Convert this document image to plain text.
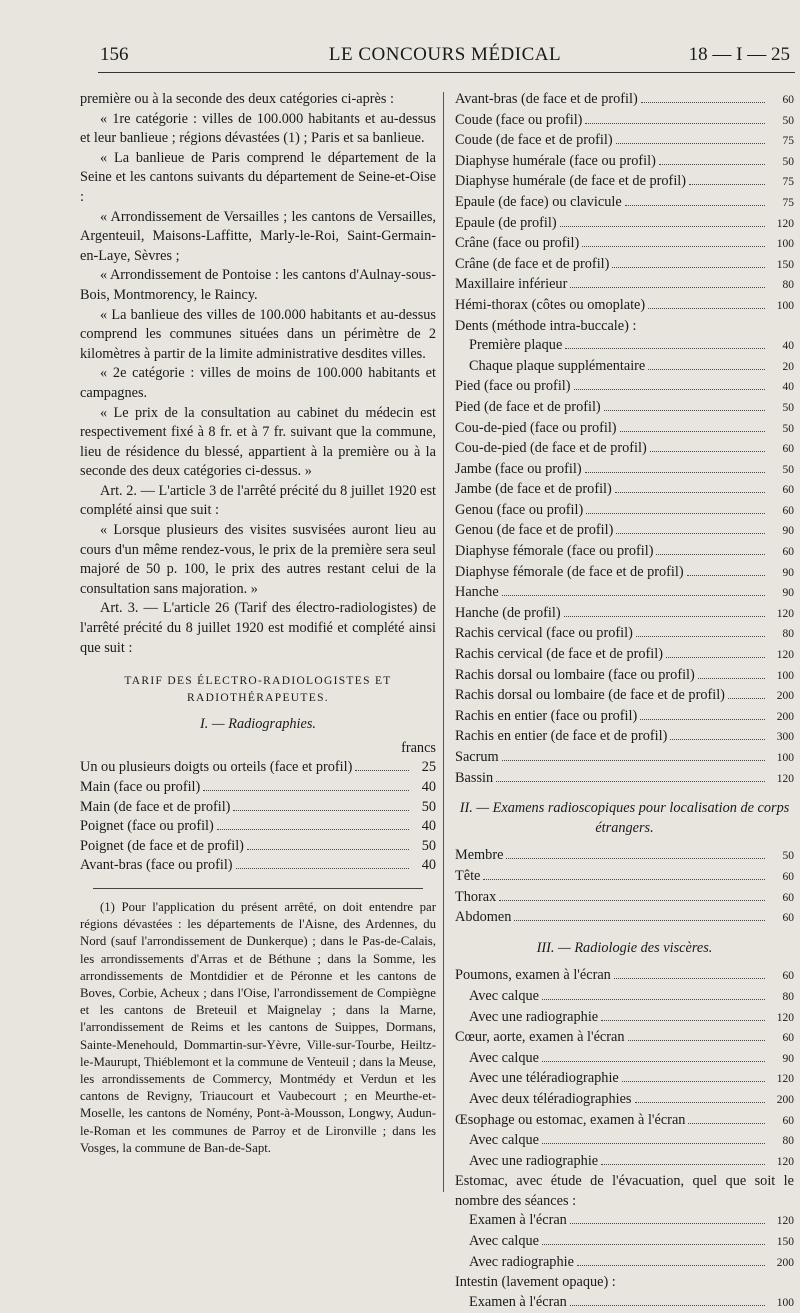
156	LE CONCOURS MÉDICAL	18 — I — 25

première ou à la seconde des deux catégories ci-après :

« 1re catégorie : villes de 100.000 habitants et au-dessus et leur banlieue ; régions dévastées (1) ; Paris et sa banlieue.

« La banlieue de Paris comprend le département de la Seine et les cantons suivants du département de Seine-et-Oise :

« Arrondissement de Versailles ; les cantons de Versailles, Argenteuil, Maisons-Laffitte, Marly-le-Roi, Saint-Germain-en-Laye, Sèvres ;

« Arrondissement de Pontoise : les cantons d'Aulnay-sous-Bois, Montmorency, le Raincy.

« La banlieue des villes de 100.000 habitants et au-dessus comprend les communes situées dans un périmètre de 2 kilomètres à partir de la limite administrative desdites villes.

« 2e catégorie : villes de moins de 100.000 habitants et campagnes.

« Le prix de la consultation au cabinet du médecin est respectivement fixé à 8 fr. et à 7 fr. suivant que la commune, lieu de résidence du blessé, appartient à la première ou à la seconde des deux catégories ci-dessus. »

Art. 2. — L'article 3 de l'arrêté précité du 8 juillet 1920 est complété ainsi que suit :

« Lorsque plusieurs des visites susvisées auront lieu au cours d'un même rendez-vous, le prix de la première sera seul majoré de 50 p. 100, le prix des autres restant celui de la consultation sans majoration. »

Art. 3. — L'article 26 (Tarif des électro-radiologistes) de l'arrêté précité du 8 juillet 1920 est modifié et complété ainsi que suit :

TARIF DES ÉLECTRO-RADIOLOGISTES ET RADIOTHÉRAPEUTES.
I. — Radiographies.
francs
Un ou plusieurs doigts ou orteils (face et profil)	25
Main (face ou profil)	40
Main (de face et de profil)	50
Poignet (face ou profil)	40
Poignet (de face et de profil)	50
Avant-bras (face ou profil)	40

(1) Pour l'application du présent arrêté, on doit entendre par régions dévastées : les départements de l'Aisne, des Ardennes, du Nord (sauf l'arrondissement de Dunkerque) ; dans le Pas-de-Calais, les arrondissements d'Arras et de Béthune ; dans la Somme, les arrondissements de Montdidier et de Péronne et les cantons de Boves, Corbie, Acheux ; dans l'Oise, l'arrondissement de Compiègne et les cantons de Breteuil et Maignelay ; dans la Marne, l'arrondissement de Reims et les cantons de Suippes, Dormans, Sainte-Menehould, Dommartin-sur-Yèvre, Ville-sur-Tourbe, Heiltz-le-Maurupt, Thiéblemont et la commune de Venteuil ; dans la Meuse, les arrondissements de Commercy, Montmédy et Verdun et les cantons de Revigny, Triaucourt et Vaubecourt ; en Meurthe-et-Moselle, les cantons de Nomény, Pont-à-Mousson, Longwy, Audun-le-Roman et les communes de Parroy et de Lironville ; dans les Vosges, la commune de Ban-de-Sapt.

Avant-bras (de face et de profil)	60
Coude (face ou profil)	50
Coude (de face et de profil)	75
Diaphyse humérale (face ou profil)	50
Diaphyse humérale (de face et de profil)	75
Epaule (de face) ou clavicule	75
Epaule (de profil)	120
Crâne (face ou profil)	100
Crâne (de face et de profil)	150
Maxillaire inférieur	80
Hémi-thorax (côtes ou omoplate)	100
Dents (méthode intra-buccale) :
Première plaque	40
Chaque plaque supplémentaire	20
Pied (face ou profil)	40
Pied (de face et de profil)	50
Cou-de-pied (face ou profil)	50
Cou-de-pied (de face et de profil)	60
Jambe (face ou profil)	50
Jambe (de face et de profil)	60
Genou (face ou profil)	60
Genou (de face et de profil)	90
Diaphyse fémorale (face ou profil)	60
Diaphyse fémorale (de face et de profil)	90
Hanche	90
Hanche (de profil)	120
Rachis cervical (face ou profil)	80
Rachis cervical (de face et de profil)	120
Rachis dorsal ou lombaire (face ou profil)	100
Rachis dorsal ou lombaire (de face et de profil)	200
Rachis en entier (face ou profil)	200
Rachis en entier (de face et de profil)	300
Sacrum	100
Bassin	120
II. — Examens radioscopiques pour localisation de corps étrangers.
Membre	50
Tête	60
Thorax	60
Abdomen	60
III. — Radiologie des viscères.
Poumons, examen à l'écran	60
Avec calque	80
Avec une radiographie	120
Cœur, aorte, examen à l'écran	60
Avec calque	90
Avec une téléradiographie	120
Avec deux téléradiographies	200
Œsophage ou estomac, examen à l'écran	60
Avec calque	80
Avec une radiographie	120

Estomac, avec étude de l'évacuation, quel que soit le nombre des séances :

Examen à l'écran	120
Avec calque	150
Avec radiographie	200
Intestin (lavement opaque) :
Examen à l'écran	100
